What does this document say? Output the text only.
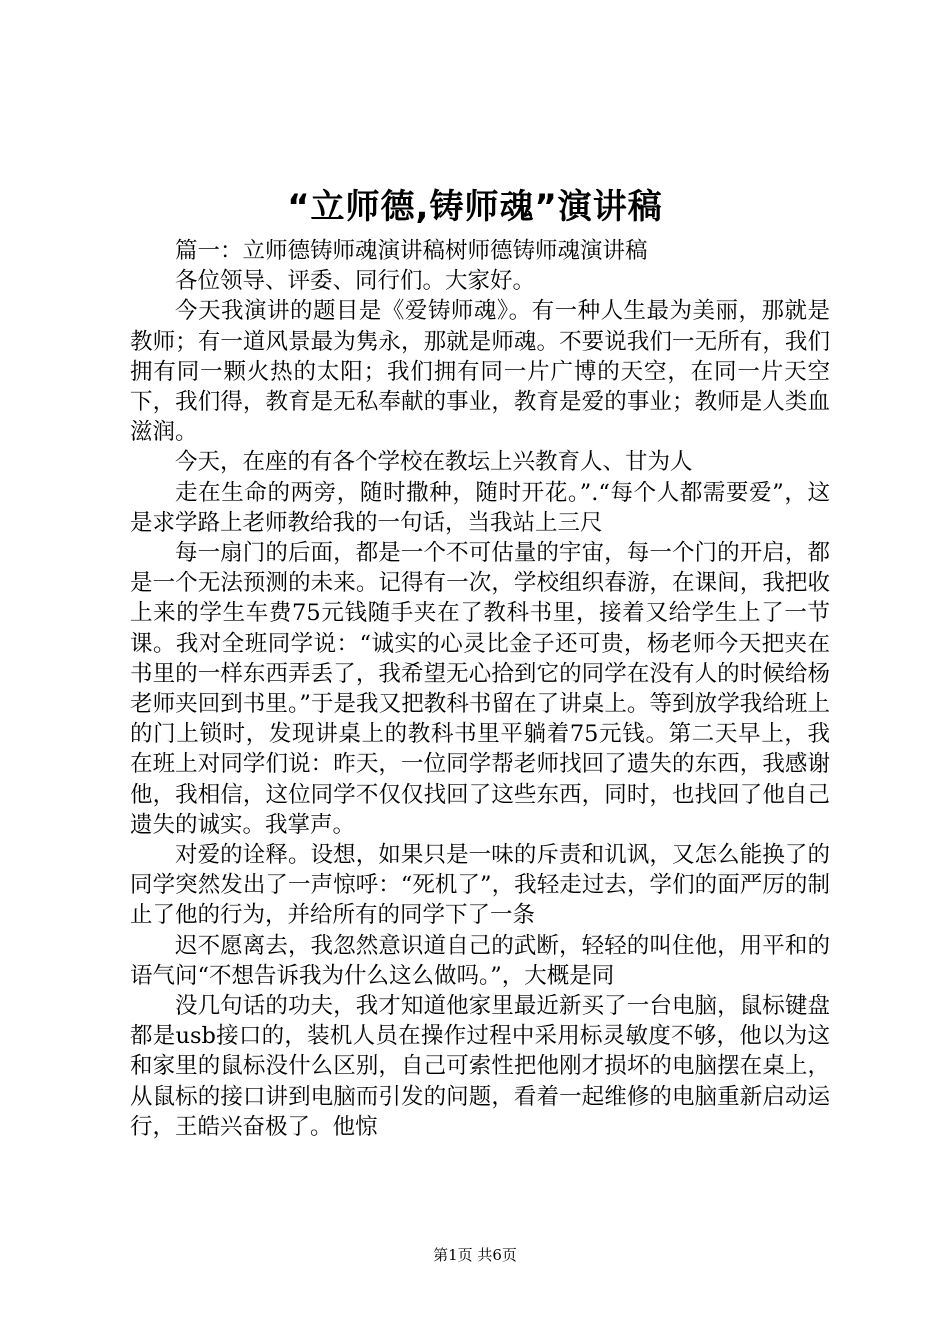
“立师德,铸师魂”演讲稿

篇一：立师德铸师魂演讲稿树师德铸师魂演讲稿

各位领导、评委、同行们。大家好。

今天我演讲的题目是《爱铸师魂》。有一种人生最为美丽，那就是教师；有一道风景最为隽永，那就是师魂。不要说我们一无所有，我们拥有同一颗火热的太阳；我们拥有同一片广博的天空，在同一片天空下，我们得，教育是无私奉献的事业，教育是爱的事业；教师是人类血滋润。

今天，在座的有各个学校在教坛上兴教育人、甘为人

走在生命的两旁，随时撒种，随时开花。”.“每个人都需要爱”，这是求学路上老师教给我的一句话，当我站上三尺

每一扇门的后面，都是一个不可估量的宇宙，每一个门的开启，都是一个无法预测的未来。记得有一次，学校组织春游，在课间，我把收上来的学生车费75元钱随手夹在了教科书里，接着又给学生上了一节课。我对全班同学说：“诚实的心灵比金子还可贵，杨老师今天把夹在书里的一样东西弄丢了，我希望无心拾到它的同学在没有人的时候给杨老师夹回到书里。”于是我又把教科书留在了讲桌上。等到放学我给班上的门上锁时，发现讲桌上的教科书里平躺着75元钱。第二天早上，我在班上对同学们说：昨天，一位同学帮老师找回了遗失的东西，我感谢他，我相信，这位同学不仅仅找回了这些东西，同时，也找回了他自己遗失的诚实。我掌声。

对爱的诠释。设想，如果只是一味的斥责和讥讽，又怎么能换了的同学突然发出了一声惊呼：“死机了”，我轻走过去，学们的面严厉的制止了他的行为，并给所有的同学下了一条

迟不愿离去，我忽然意识道自己的武断，轻轻的叫住他，用平和的语气问“不想告诉我为什么这么做吗。”，大概是同

没几句话的功夫，我才知道他家里最近新买了一台电脑，鼠标键盘都是usb接口的，装机人员在操作过程中采用标灵敏度不够，他以为这和家里的鼠标没什么区别，自己可索性把他刚才损坏的电脑摆在桌上，从鼠标的接口讲到电脑而引发的问题，看着一起维修的电脑重新启动运行，王皓兴奋极了。他惊

第1页 共6页
